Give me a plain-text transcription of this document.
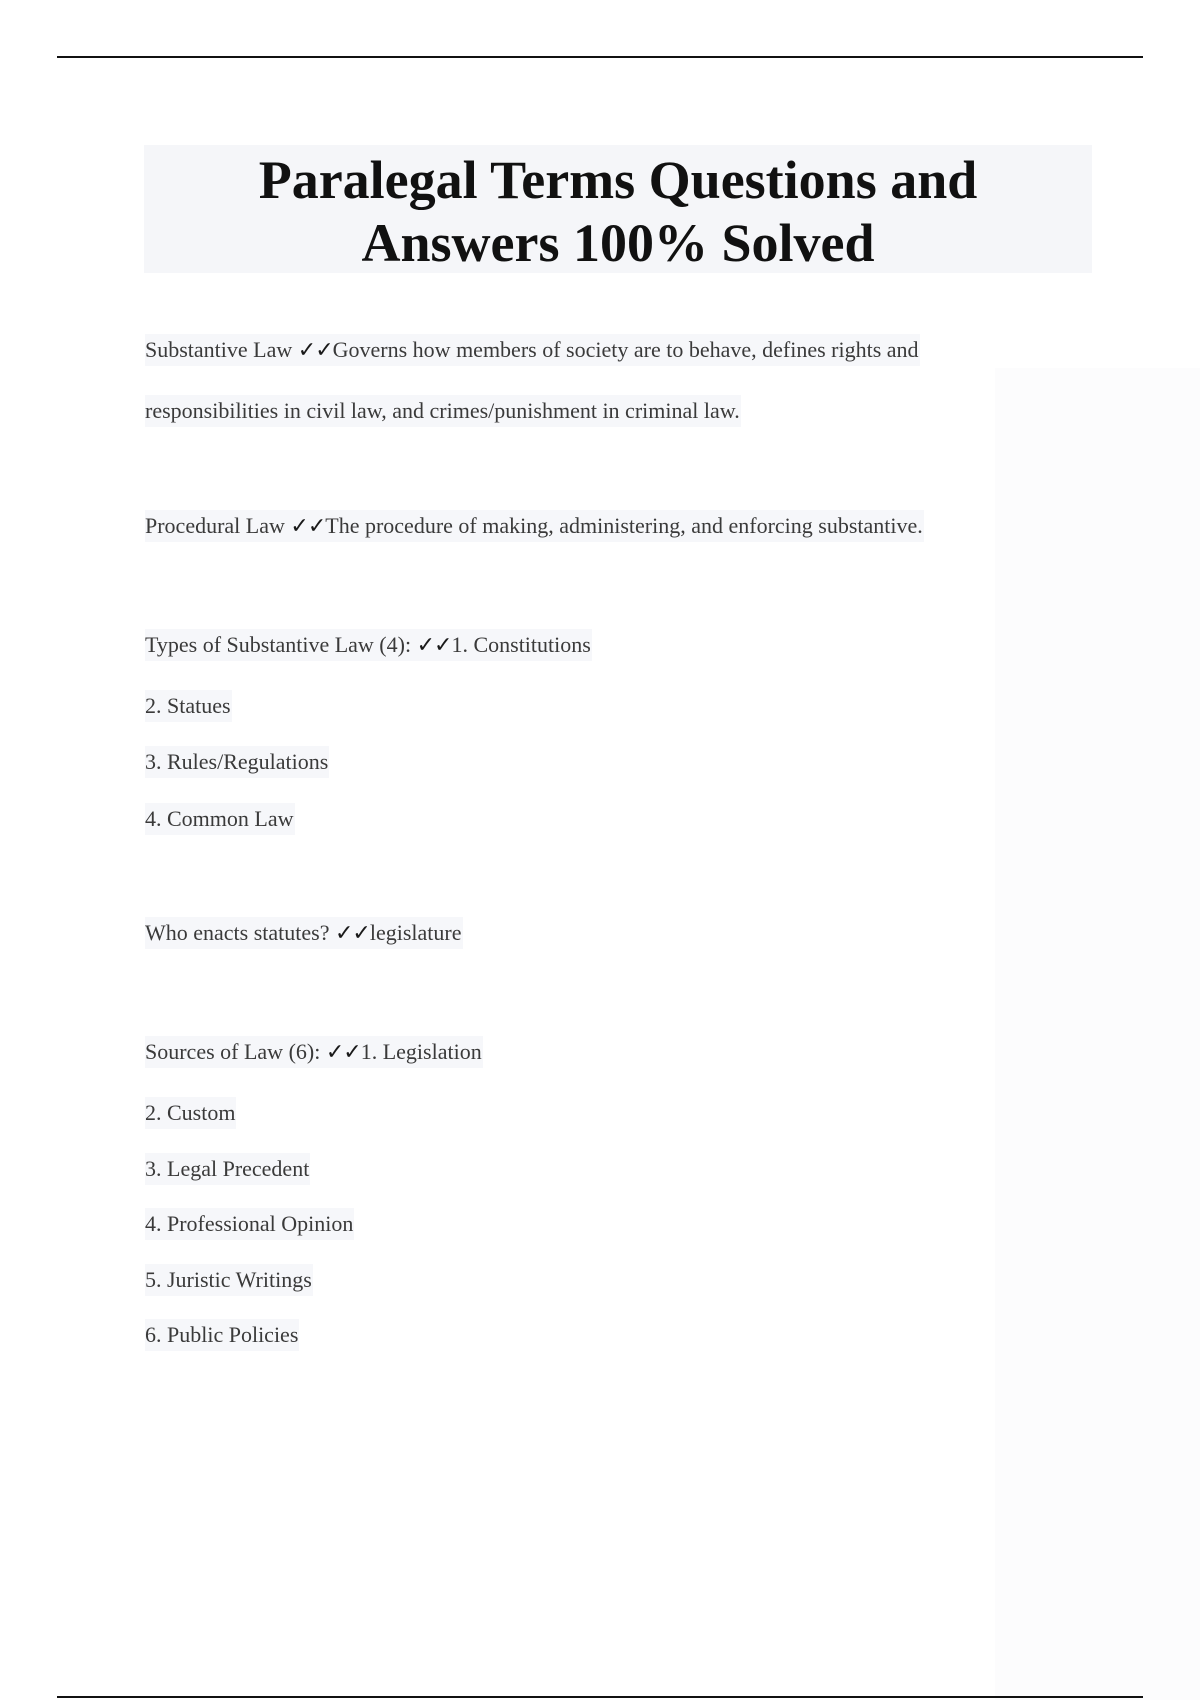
Paralegal Terms Questions and
Answers 100% Solved
Substantive Law ✓✓Governs how members of society are to behave, defines rights and
responsibilities in civil law, and crimes/punishment in criminal law.
Procedural Law ✓✓The procedure of making, administering, and enforcing substantive.
Types of Substantive Law (4): ✓✓1. Constitutions
2. Statues
3. Rules/Regulations
4. Common Law
Who enacts statutes? ✓✓legislature
Sources of Law (6): ✓✓1. Legislation
2. Custom
3. Legal Precedent
4. Professional Opinion
5. Juristic Writings
6. Public Policies
